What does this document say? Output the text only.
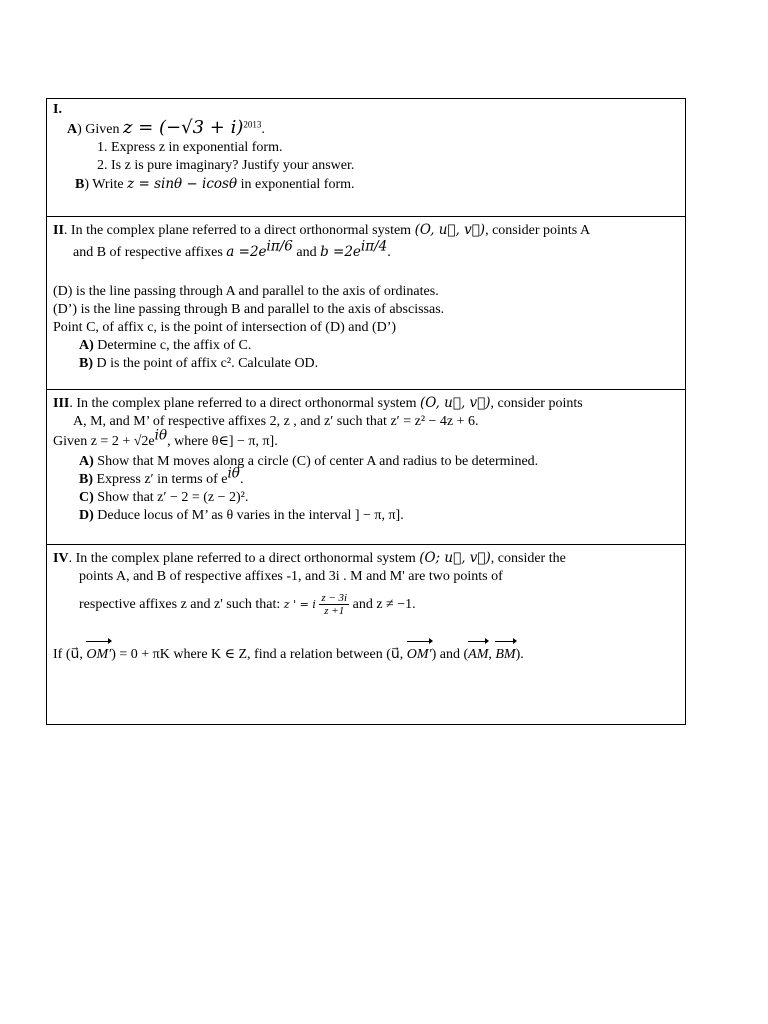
I.
A) Given $z = (-√3 + i)^{2013}$.
1. Express z in exponential form.
2. Is z is pure imaginary? Justify your answer.
B) Write z = sinθ − icosθ in exponential form.
II. In the complex plane referred to a direct orthonormal system (O, u⃗, v⃗), consider points A
and B of respective affixes $a =2e^{i\pi/6}$ and $b =2e^{i\pi/4}$.
(D) is the line passing through A and parallel to the axis of ordinates.
(D’) is the line passing through B and parallel to the axis of abscissas.
Point C, of affix c, is the point of intersection of (D) and (D’)
A) Determine c, the affix of C.
B) D is the point of affix c². Calculate OD.
III. In the complex plane referred to a direct orthonormal system (O, u⃗, v⃗), consider points
A, M, and M’ of respective affixes 2, z , and z′ such that z′ = z² − 4z + 6.
Given $z = 2 + √2e^{i\theta}$, where θ∈] − π, π].
A) Show that M moves along a circle (C) of center A and radius to be determined.
B) Express z′ in terms of $e^{i\theta}$.
C) Show that z′ − 2 = (z − 2)².
D) Deduce locus of M’ as θ varies in the interval ] − π, π].
IV. In the complex plane referred to a direct orthonormal system (O; u⃗, v⃗), consider the
points A, and B of respective affixes -1, and 3i . M and M' are two points of
respective affixes z and z' such that: z ' = i $\frac{z - 3i}{z +1}$ and z ≠ −1.
If (u⃗, OM′) = 0 + πK where K ∈ Z, find a relation between (u⃗, OM′) and (AM, BM).
